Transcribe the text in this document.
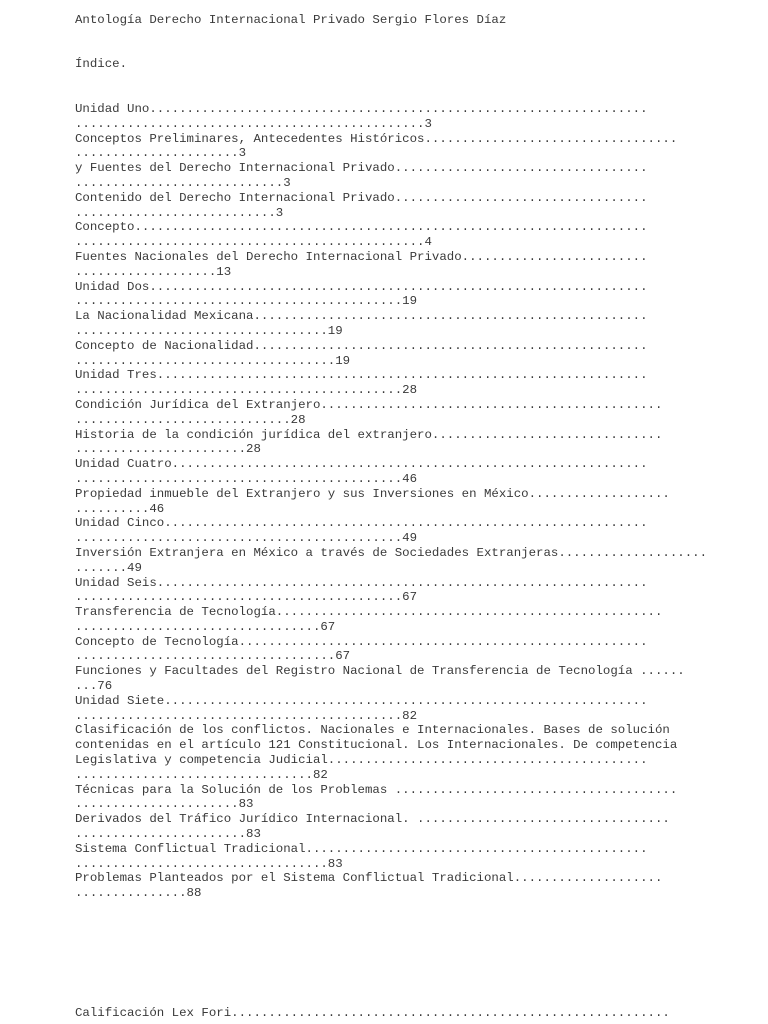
Antología Derecho Internacional Privado Sergio Flores Díaz
Índice.
Unidad Uno...................................................................
...............................................3
Conceptos Preliminares, Antecedentes Históricos..................................
......................3
y Fuentes del Derecho Internacional Privado..................................
............................3
Contenido del Derecho Internacional Privado..................................
...........................3
Concepto.....................................................................
...............................................4
Fuentes Nacionales del Derecho Internacional Privado.........................
...................13
Unidad Dos...................................................................
............................................19
La Nacionalidad Mexicana.....................................................
..................................19
Concepto de Nacionalidad.....................................................
...................................19
Unidad Tres..................................................................
............................................28
Condición Jurídica del Extranjero..............................................
.............................28
Historia de la condición jurídica del extranjero...............................
.......................28
Unidad Cuatro................................................................
............................................46
Propiedad inmueble del Extranjero y sus Inversiones en México...................
..........46
Unidad Cinco.................................................................
............................................49
Inversión Extranjera en México a través de Sociedades Extranjeras....................
.......49
Unidad Seis..................................................................
............................................67
Transferencia de Tecnología....................................................
.................................67
Concepto de Tecnología.......................................................
...................................67
Funciones y Facultades del Registro Nacional de Transferencia de Tecnología ......
...76
Unidad Siete.................................................................
............................................82
Clasificación de los conflictos. Nacionales e Internacionales. Bases de solución
contenidas en el artículo 121 Constitucional. Los Internacionales. De competencia
Legislativa y competencia Judicial...........................................
................................82
Técnicas para la Solución de los Problemas ......................................
......................83
Derivados del Tráfico Jurídico Internacional. ..................................
.......................83
Sistema Conflictual Tradicional..............................................
..................................83
Problemas Planteados por el Sistema Conflictual Tradicional....................
...............88
Calificación Lex Fori...........................................................
